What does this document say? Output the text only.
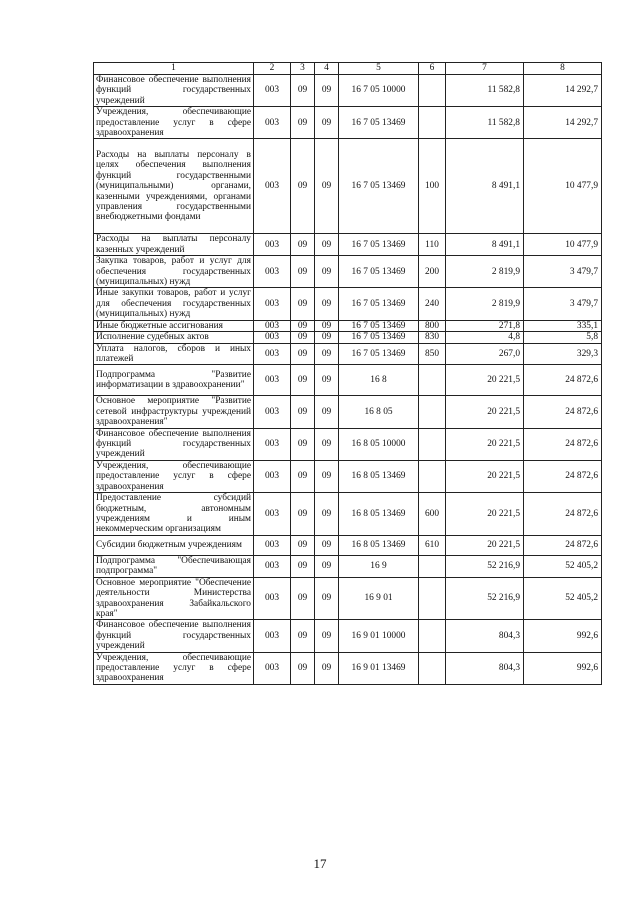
1	2	3	4	5	6	7	8
Финансовое обеспечение выполнения функций государственных учреждений	003	09	09	16 7 05 10000		11 582,8	14 292,7
Учреждения, обеспечивающие предоставление услуг в сфере здравоохранения	003	09	09	16 7 05 13469		11 582,8	14 292,7
Расходы на выплаты персоналу в целях обеспечения выполнения функций государственными (муниципальными) органами, казенными учреждениями, органами управления государственными внебюджетными фондами	003	09	09	16 7 05 13469	100	8 491,1	10 477,9
Расходы на выплаты персоналу казенных учреждений	003	09	09	16 7 05 13469	110	8 491,1	10 477,9
Закупка товаров, работ и услуг для обеспечения государственных (муниципальных) нужд	003	09	09	16 7 05 13469	200	2 819,9	3 479,7
Иные закупки товаров, работ и услуг для обеспечения государственных (муниципальных) нужд	003	09	09	16 7 05 13469	240	2 819,9	3 479,7
Иные бюджетные ассигнования	003	09	09	16 7 05 13469	800	271,8	335,1
Исполнение судебных актов	003	09	09	16 7 05 13469	830	4,8	5,8
Уплата налогов, сборов и иных платежей	003	09	09	16 7 05 13469	850	267,0	329,3
Подпрограмма "Развитие информатизации в здравоохранении"	003	09	09	16 8		20 221,5	24 872,6
Основное мероприятие "Развитие сетевой инфраструктуры учреждений здравоохранения"	003	09	09	16 8 05		20 221,5	24 872,6
Финансовое обеспечение выполнения функций государственных учреждений	003	09	09	16 8 05 10000		20 221,5	24 872,6
Учреждения, обеспечивающие предоставление услуг в сфере здравоохранения	003	09	09	16 8 05 13469		20 221,5	24 872,6
Предоставление субсидий бюджетным, автономным учреждениям и иным некоммерческим организациям	003	09	09	16 8 05 13469	600	20 221,5	24 872,6
Субсидии бюджетным учреждениям	003	09	09	16 8 05 13469	610	20 221,5	24 872,6
Подпрограмма "Обеспечивающая подпрограмма"	003	09	09	16 9		52 216,9	52 405,2
Основное мероприятие "Обеспечение деятельности Министерства здравоохранения Забайкальского края"	003	09	09	16 9 01		52 216,9	52 405,2
Финансовое обеспечение выполнения функций государственных учреждений	003	09	09	16 9 01 10000		804,3	992,6
Учреждения, обеспечивающие предоставление услуг в сфере здравоохранения	003	09	09	16 9 01 13469		804,3	992,6
17
